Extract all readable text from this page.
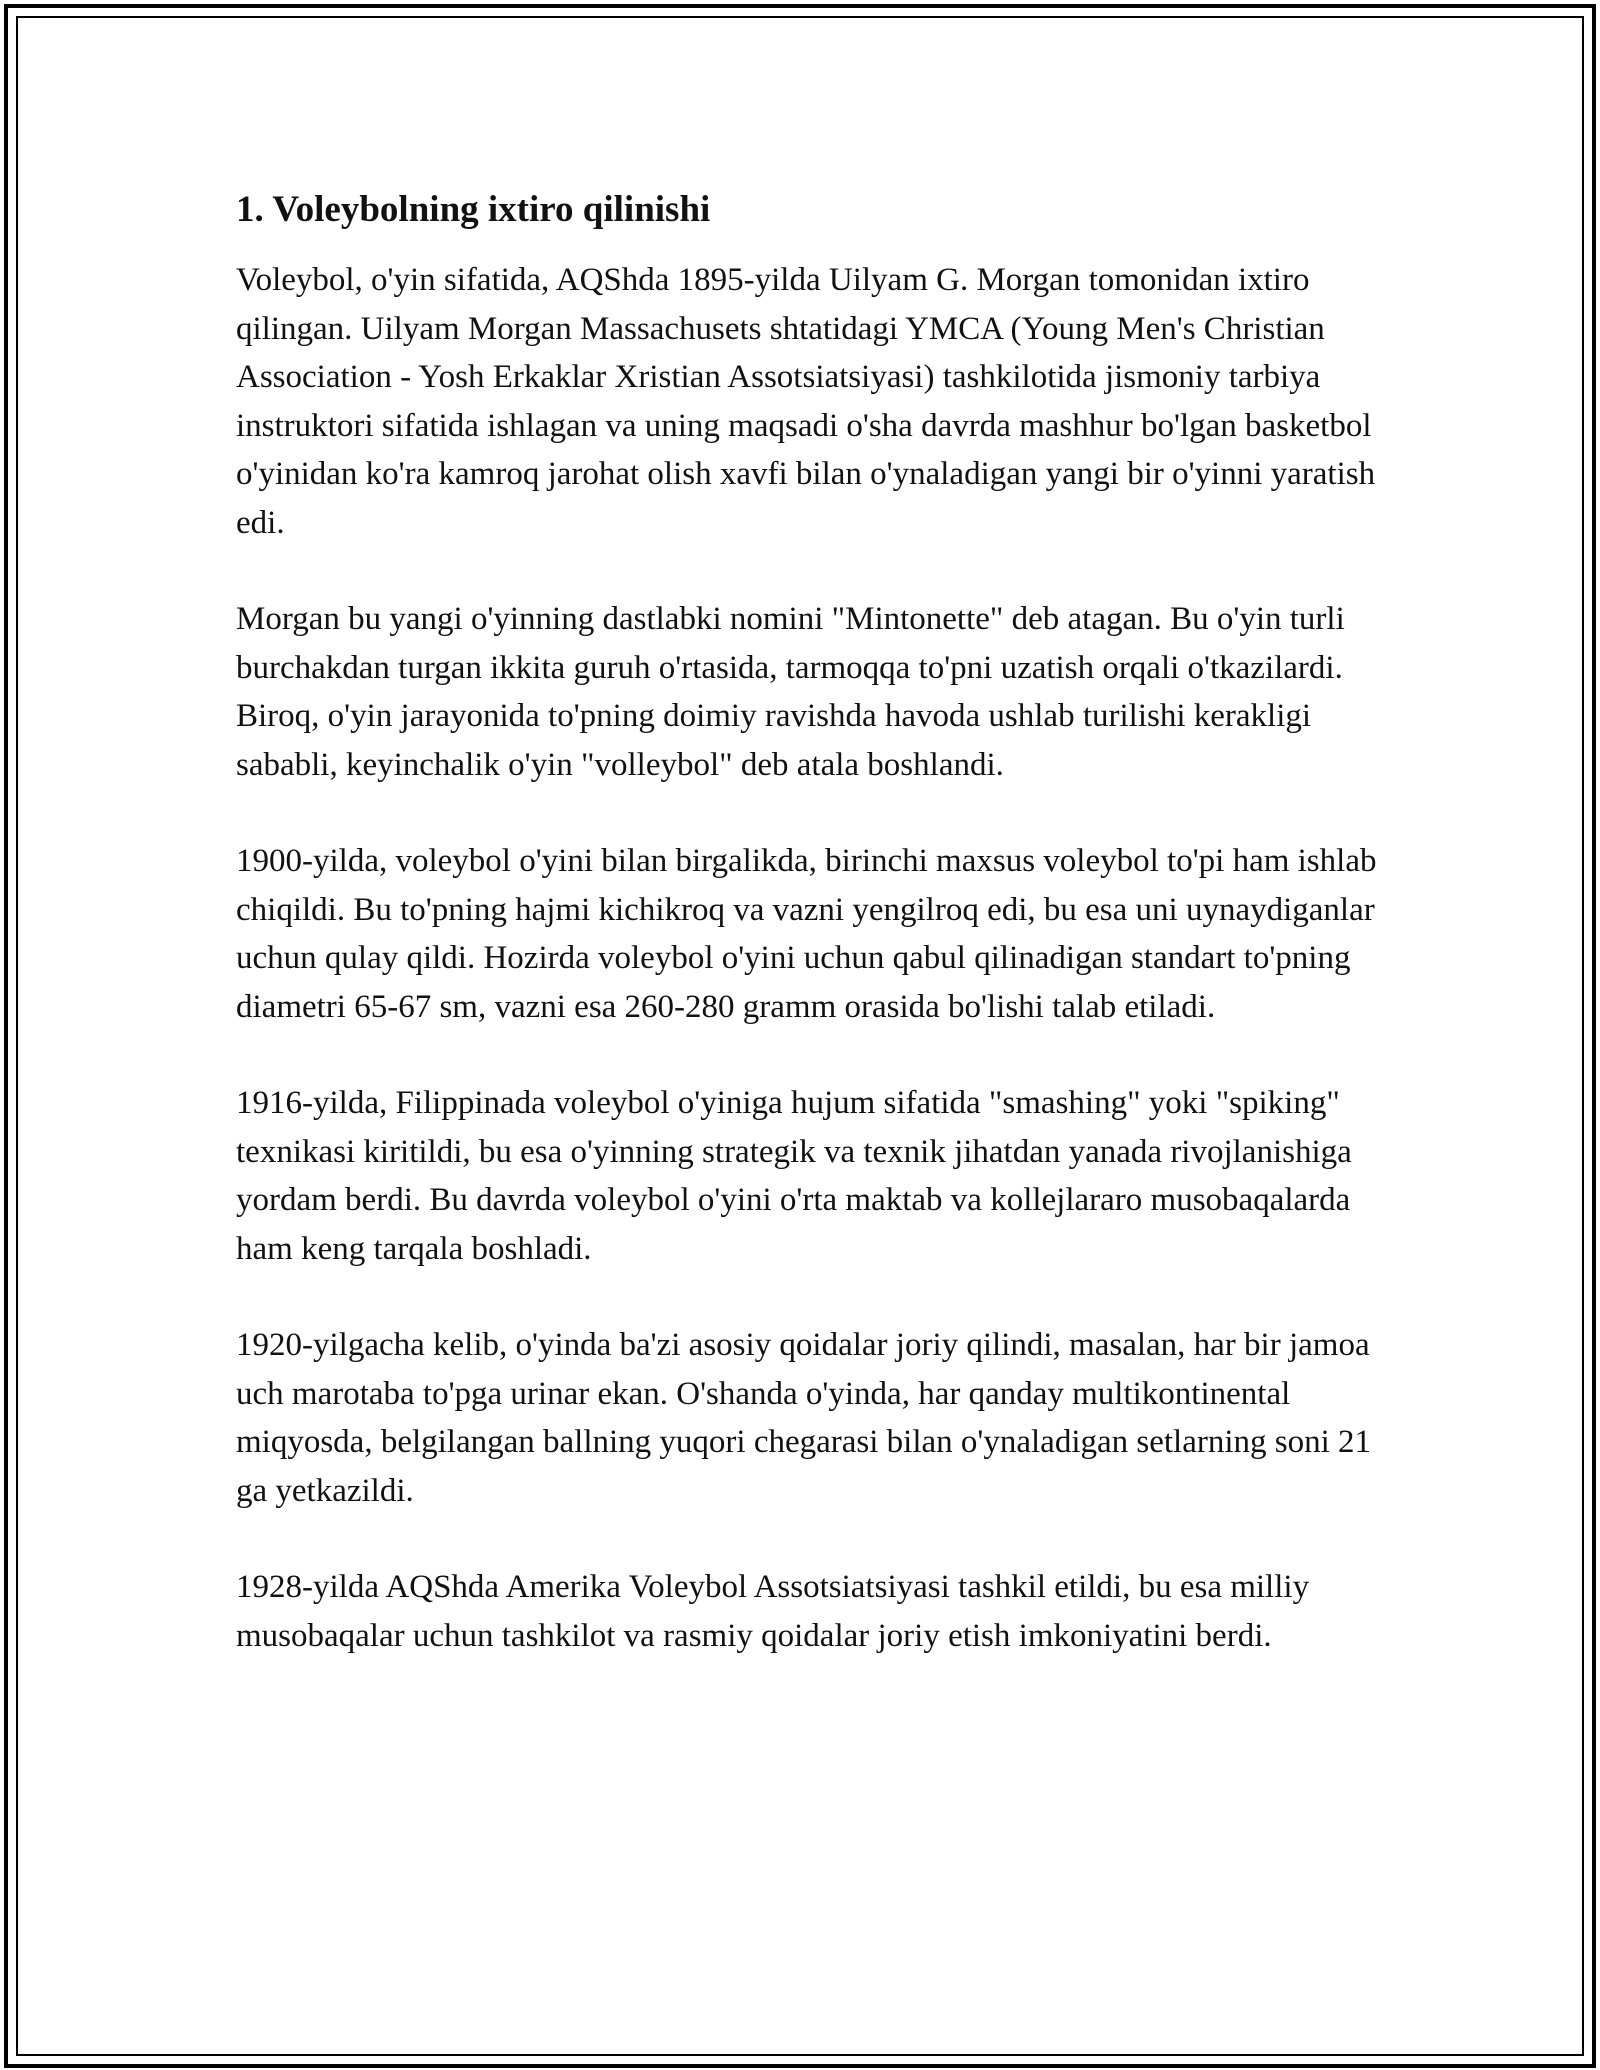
1. Voleybolning ixtiro qilinishi

Voleybol, o'yin sifatida, AQShda 1895-yilda Uilyam G. Morgan tomonidan ixtiro qilingan. Uilyam Morgan Massachusets shtatidagi YMCA (Young Men's Christian Association - Yosh Erkaklar Xristian Assotsiatsiyasi) tashkilotida jismoniy tarbiya instruktori sifatida ishlagan va uning maqsadi o'sha davrda mashhur bo'lgan basketbol o'yinidan ko'ra kamroq jarohat olish xavfi bilan o'ynaladigan yangi bir o'yinni yaratish edi.

Morgan bu yangi o'yinning dastlabki nomini "Mintonette" deb atagan. Bu o'yin turli burchakdan turgan ikkita guruh o'rtasida, tarmoqqa to'pni uzatish orqali o'tkazilardi. Biroq, o'yin jarayonida to'pning doimiy ravishda havoda ushlab turilishi kerakligi sababli, keyinchalik o'yin "volleybol" deb atala boshlandi.

1900-yilda, voleybol o'yini bilan birgalikda, birinchi maxsus voleybol to'pi ham ishlab chiqildi. Bu to'pning hajmi kichikroq va vazni yengilroq edi, bu esa uni uynaydiganlar uchun qulay qildi. Hozirda voleybol o'yini uchun qabul qilinadigan standart to'pning diametri 65-67 sm, vazni esa 260-280 gramm orasida bo'lishi talab etiladi.

1916-yilda, Filippinada voleybol o'yiniga hujum sifatida "smashing" yoki "spiking" texnikasi kiritildi, bu esa o'yinning strategik va texnik jihatdan yanada rivojlanishiga yordam berdi. Bu davrda voleybol o'yini o'rta maktab va kollejlararo musobaqalarda ham keng tarqala boshladi.

1920-yilgacha kelib, o'yinda ba'zi asosiy qoidalar joriy qilindi, masalan, har bir jamoa uch marotaba to'pga urinar ekan. O'shanda o'yinda, har qanday multikontinental miqyosda, belgilangan ballning yuqori chegarasi bilan o'ynaladigan setlarning soni 21 ga yetkazildi.

1928-yilda AQShda Amerika Voleybol Assotsiatsiyasi tashkil etildi, bu esa milliy musobaqalar uchun tashkilot va rasmiy qoidalar joriy etish imkoniyatini berdi.
